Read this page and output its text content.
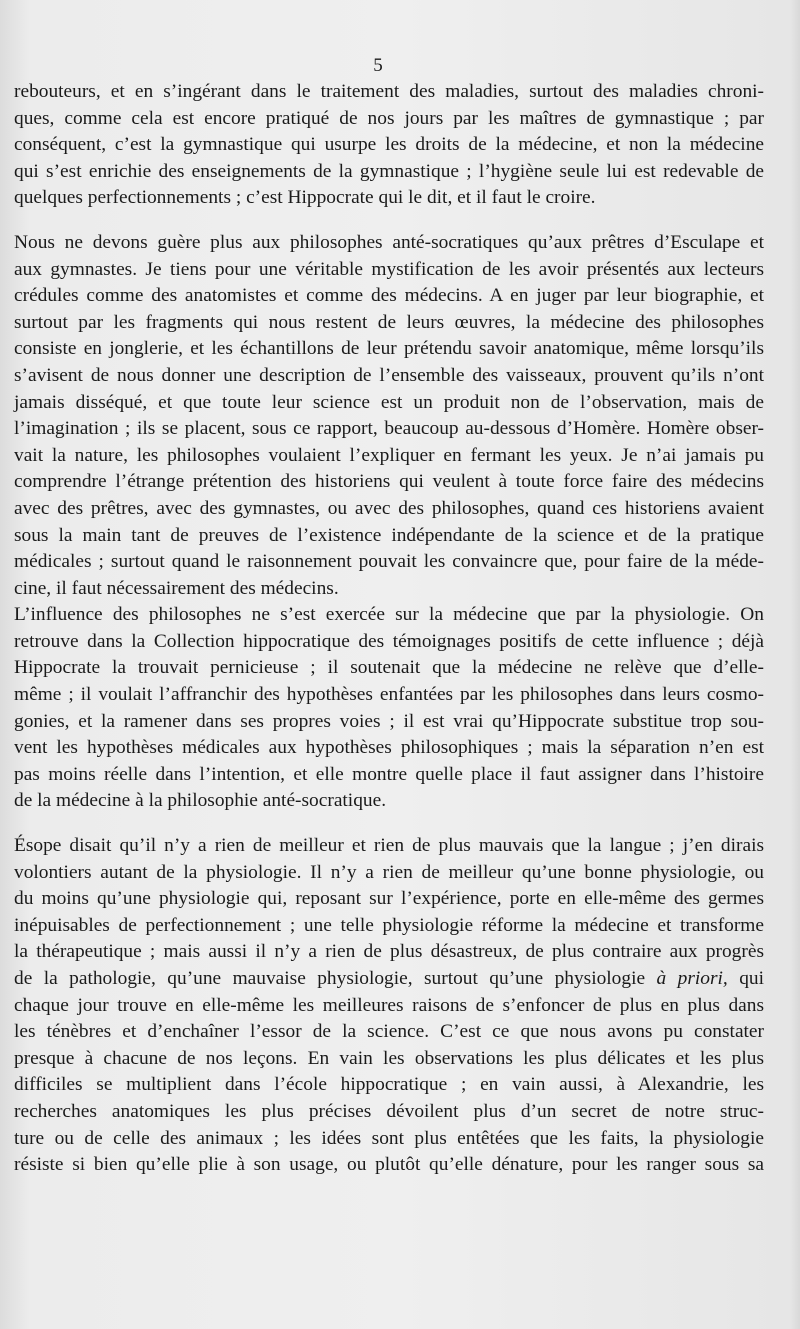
5
rebouteurs, et en s’ingérant dans le traitement des maladies, surtout des maladies chroni-
ques, comme cela est encore pratiqué de nos jours par les maîtres de gymnastique ; par
conséquent, c’est la gymnastique qui usurpe les droits de la médecine, et non la médecine
qui s’est enrichie des enseignements de la gymnastique ; l’hygiène seule lui est redevable de
quelques perfectionnements ; c’est Hippocrate qui le dit, et il faut le croire.
Nous ne devons guère plus aux philosophes anté-socratiques qu’aux prêtres d’Esculape et
aux gymnastes. Je tiens pour une véritable mystification de les avoir présentés aux lecteurs
crédules comme des anatomistes et comme des médecins. A en juger par leur biographie, et
surtout par les fragments qui nous restent de leurs œuvres, la médecine des philosophes
consiste en jonglerie, et les échantillons de leur prétendu savoir anatomique, même lorsqu’ils
s’avisent de nous donner une description de l’ensemble des vaisseaux, prouvent qu’ils n’ont
jamais disséqué, et que toute leur science est un produit non de l’observation, mais de
l’imagination ; ils se placent, sous ce rapport, beaucoup au-dessous d’Homère. Homère obser-
vait la nature, les philosophes voulaient l’expliquer en fermant les yeux. Je n’ai jamais pu
comprendre l’étrange prétention des historiens qui veulent à toute force faire des médecins
avec des prêtres, avec des gymnastes, ou avec des philosophes, quand ces historiens avaient
sous la main tant de preuves de l’existence indépendante de la science et de la pratique
médicales ; surtout quand le raisonnement pouvait les convaincre que, pour faire de la méde-
cine, il faut nécessairement des médecins.
L’influence des philosophes ne s’est exercée sur la médecine que par la physiologie. On
retrouve dans la Collection hippocratique des témoignages positifs de cette influence ; déjà
Hippocrate la trouvait pernicieuse ; il soutenait que la médecine ne relève que d’elle-
même ; il voulait l’affranchir des hypothèses enfantées par les philosophes dans leurs cosmo-
gonies, et la ramener dans ses propres voies ; il est vrai qu’Hippocrate substitue trop sou-
vent les hypothèses médicales aux hypothèses philosophiques ; mais la séparation n’en est
pas moins réelle dans l’intention, et elle montre quelle place il faut assigner dans l’histoire
de la médecine à la philosophie anté-socratique.
Ésope disait qu’il n’y a rien de meilleur et rien de plus mauvais que la langue ; j’en dirais
volontiers autant de la physiologie. Il n’y a rien de meilleur qu’une bonne physiologie, ou
du moins qu’une physiologie qui, reposant sur l’expérience, porte en elle-même des germes
inépuisables de perfectionnement ; une telle physiologie réforme la médecine et transforme
la thérapeutique ; mais aussi il n’y a rien de plus désastreux, de plus contraire aux progrès
de la pathologie, qu’une mauvaise physiologie, surtout qu’une physiologie à priori, qui
chaque jour trouve en elle-même les meilleures raisons de s’enfoncer de plus en plus dans
les ténèbres et d’enchaîner l’essor de la science. C’est ce que nous avons pu constater
presque à chacune de nos leçons. En vain les observations les plus délicates et les plus
difficiles se multiplient dans l’école hippocratique ; en vain aussi, à Alexandrie, les
recherches anatomiques les plus précises dévoilent plus d’un secret de notre struc-
ture ou de celle des animaux ; les idées sont plus entêtées que les faits, la physiologie
résiste si bien qu’elle plie à son usage, ou plutôt qu’elle dénature, pour les ranger sous sa
